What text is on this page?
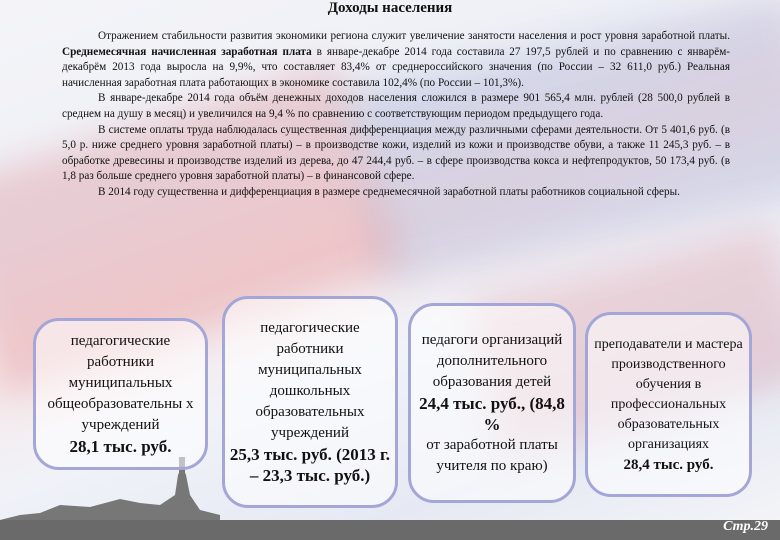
Доходы населения

Отражением стабильности развития экономики региона служит увеличение занятости населения и рост уровня заработной платы. Среднемесячная начисленная заработная плата в январе-декабре 2014 года составила 27 197,5 рублей и по сравнению с январём-декабрём 2013 года выросла на 9,9%, что составляет 83,4% от среднероссийского значения (по России – 32 611,0 руб.) Реальная начисленная заработная плата работающих в экономике составила 102,4% (по России – 101,3%).

В январе-декабре 2014 года объём денежных доходов населения сложился в размере 901 565,4 млн. рублей (28 500,0 рублей в среднем на душу в месяц) и увеличился на 9,4 % по сравнению с соответствующим периодом предыдущего года.

В системе оплаты труда наблюдалась существенная дифференциация между различными сферами деятельности. От 5 401,6 руб. (в 5,0 р. ниже среднего уровня заработной платы) – в производстве кожи, изделий из кожи и производстве обуви, а также 11 245,3 руб. – в обработке древесины и производстве изделий из дерева, до 47 244,4 руб. – в сфере производства кокса и нефтепродуктов, 50 173,4 руб. (в 1,8 раз больше среднего уровня заработной платы) – в финансовой сфере.

В 2014 году существенна и дифференциация в размере среднемесячной заработной платы работников социальной сферы.

педагогические работники муниципальных общеобразовательны х учреждений
28,1 тыс. руб.
педагогические работники муниципальных дошкольных образовательных учреждений
25,3 тыс. руб. (2013 г. – 23,3 тыс. руб.)
педагоги организаций дополнительного образования детей
24,4 тыс. руб., (84,8 %
от заработной платы учителя по краю)
преподаватели и мастера производственного обучения в профессиональных образовательных организациях
28,4 тыс. руб.
Стр.29
